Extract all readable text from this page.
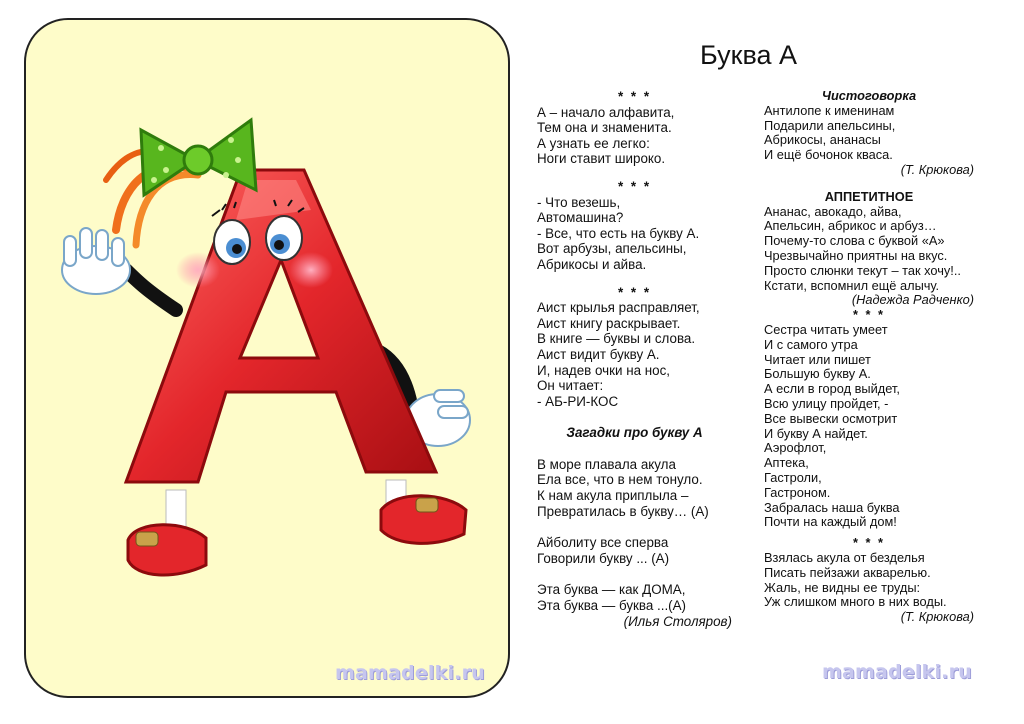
mamadelki.ru
Буква А
* * *
А – начало алфавита,
Тем она и знаменита.
А узнать ее легко:
Ноги ставит широко.
* * *
- Что везешь,
Автомашина?
- Все, что есть на букву А.
Вот арбузы, апельсины,
Абрикосы и айва.
* * *
Аист крылья расправляет,
Аист книгу раскрывает.
В книге — буквы и слова.
Аист видит букву А.
И, надев очки на нос,
Он читает:
- АБ-РИ-КОС
Загадки про букву А
В море плавала акула
Ела все, что в нем тонуло.
К нам акула приплыла –
Превратилась в букву… (А)
Айболиту все сперва
Говорили букву ... (А)
Эта буква — как ДОМА,
Эта буква — буква ...(А)
(Илья Столяров)
Чистоговорка
Антилопе к именинам
Подарили апельсины,
Абрикосы, ананасы
И ещё бочонок кваса.
(Т. Крюкова)
АППЕТИТНОЕ
Ананас, авокадо, айва,
Апельсин, абрикос и арбуз…
Почему-то слова с буквой «А»
Чрезвычайно приятны на вкус.
Просто слюнки текут – так хочу!..
Кстати, вспомнил ещё алычу.
(Надежда Радченко)
* * *
Сестра читать умеет
И с самого утра
Читает или пишет
Большую букву А.
А если в город выйдет,
Всю улицу пройдет, -
Все вывески осмотрит
И букву А найдет.
Аэрофлот,
Аптека,
Гастроли,
Гастроном.
Забралась наша буква
Почти на каждый дом!
* * *
Взялась акула от безделья
Писать пейзажи акварелью.
Жаль, не видны ее труды:
Уж слишком много в них воды.
(Т. Крюкова)
mamadelki.ru
